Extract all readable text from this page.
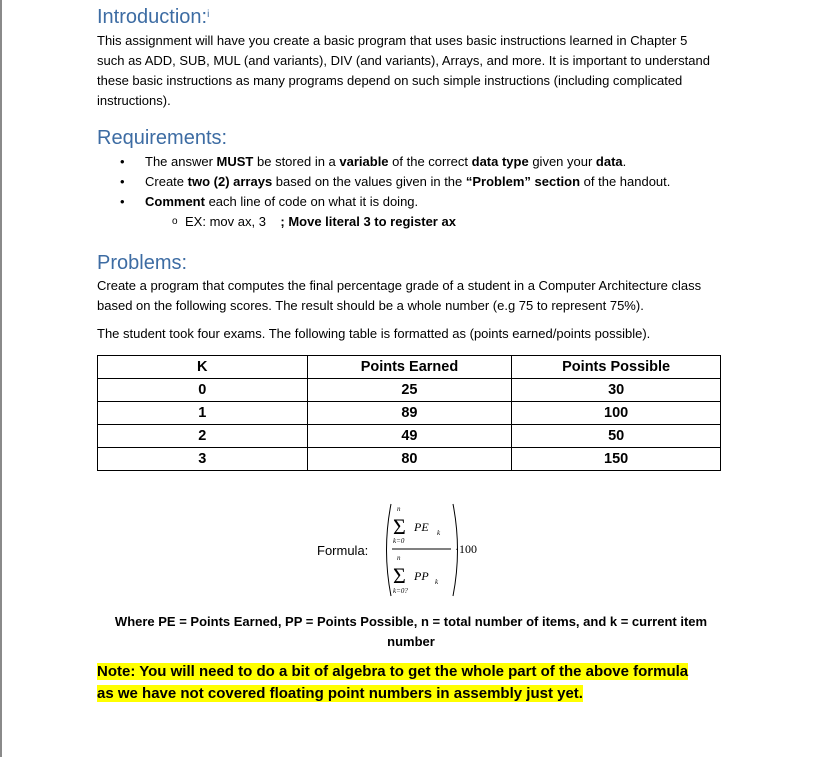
Introduction:$^i$
This assignment will have you create a basic program that uses basic instructions learned in Chapter 5 such as ADD, SUB, MUL (and variants), DIV (and variants), Arrays, and more. It is important to understand these basic instructions as many programs depend on such simple instructions (including complicated instructions).
Requirements:
• The answer MUST be stored in a variable of the correct data type given your data.
• Create two (2) arrays based on the values given in the “Problem” section of the handout.
• Comment each line of code on what it is doing.
o EX: mov ax, 3 ; Move literal 3 to register ax
Problems:
Create a program that computes the final percentage grade of a student in a Computer Architecture class based on the following scores. The result should be a whole number (e.g 75 to represent 75%).
The student took four exams. The following table is formatted as (points earned/points possible).
K	Points Earned	Points Possible
0	25	30
1	89	100
2	49	50
3	80	150
Formula:
n
Σ PE k
k=0
n
Σ PP k
k=0?
·100
Where PE = Points Earned, PP = Points Possible, n = total number of items, and k = current item number
Note: You will need to do a bit of algebra to get the whole part of the above formula
as we have not covered floating point numbers in assembly just yet.
